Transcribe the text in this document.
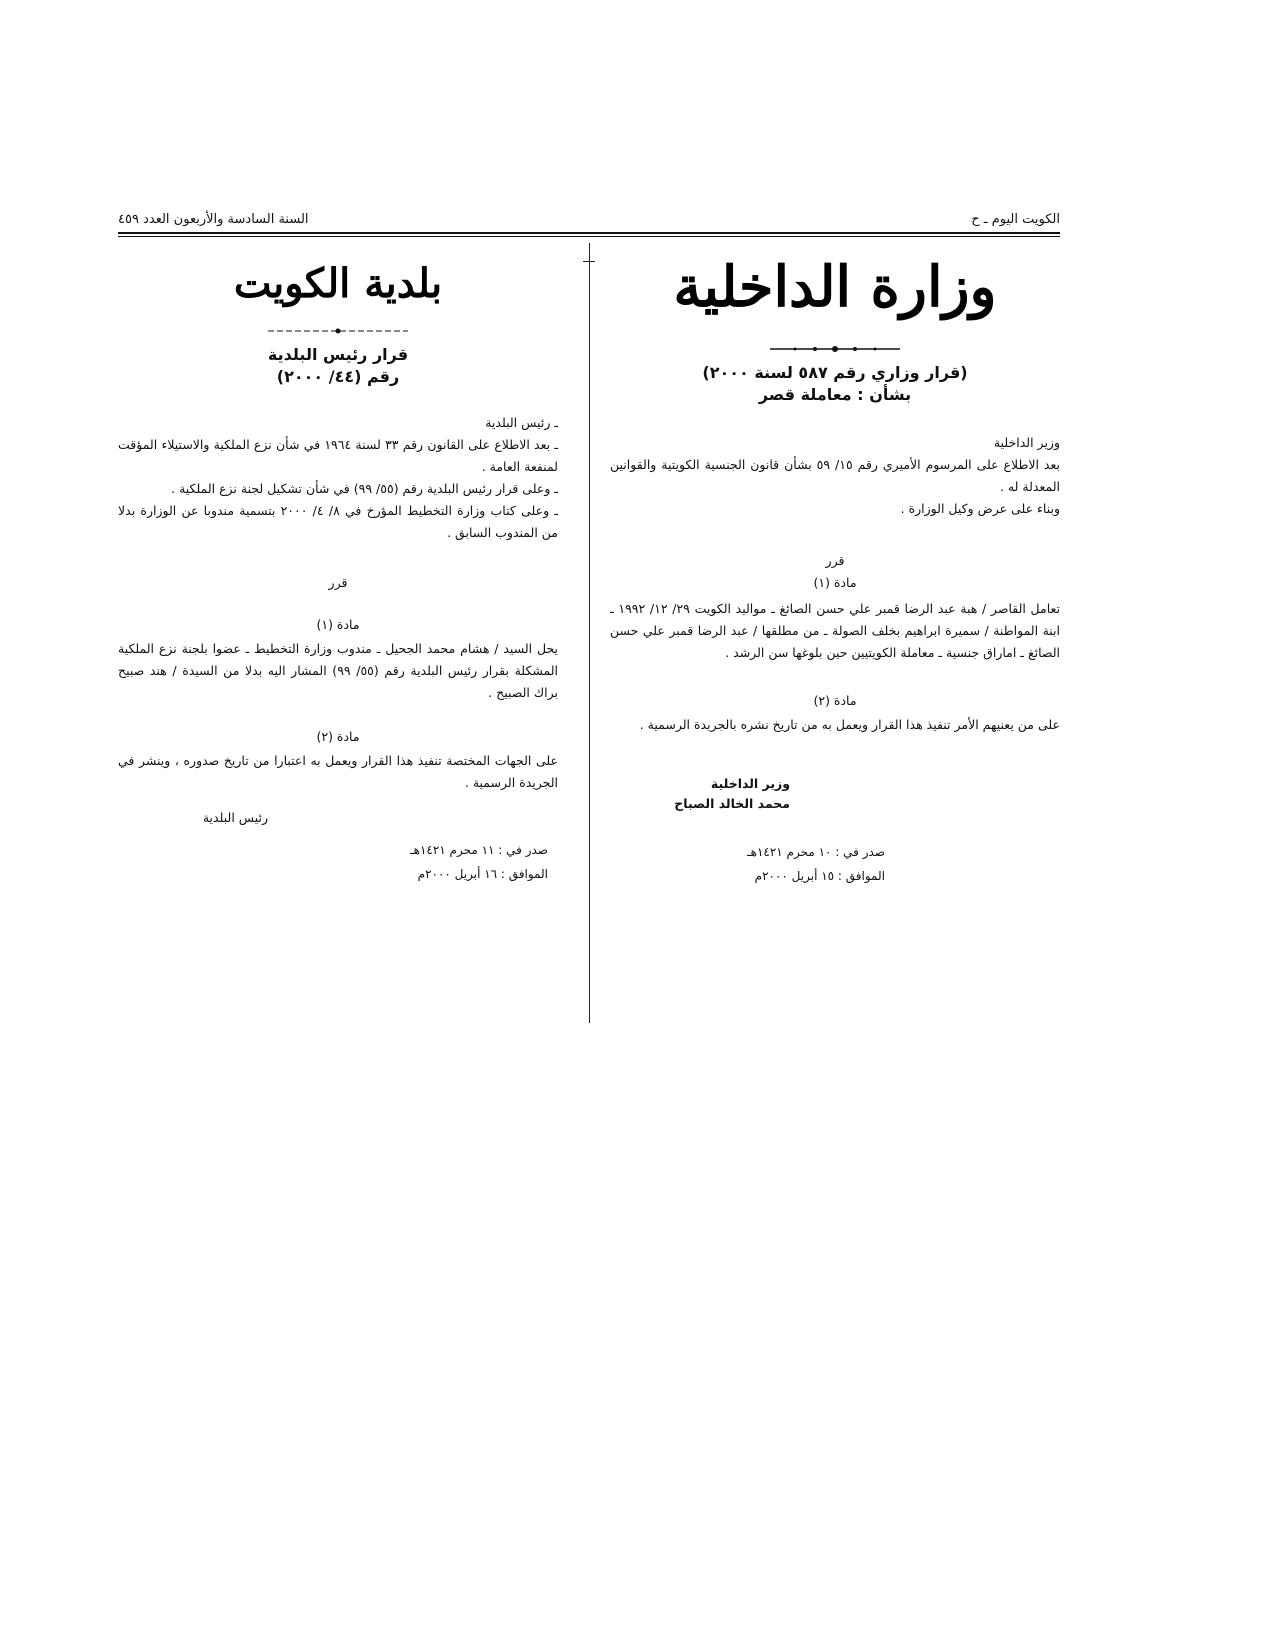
الكويت اليوم ـ ح
السنة السادسة والأربعون العدد ٤٥٩
وزارة الداخلية
(قرار وزاري رقم ٥٨٧ لسنة ٢٠٠٠)
بشأن : معاملة قصر

وزير الداخلية

بعد الاطلاع على المرسوم الأميري رقم ١٥/ ٥٩ بشأن قانون الجنسية الكويتية والقوانين المعدلة له .

وبناء على عرض وكيل الوزارة .

قرر
مادة (١)

تعامل القاصر / هبة عبد الرضا قمبر علي حسن الصائغ ـ مواليد الكويت ٢٩/ ١٢/ ١٩٩٢ ـ ابنة المواطنة / سميرة ابراهيم بخلف الصولة ـ من مطلقها / عبد الرضا قمبر علي حسن الصائغ ـ اماراق جنسية ـ معاملة الكويتيين حين بلوغها سن الرشد .

مادة (٢)

على من يعنيهم الأمر تنفيذ هذا القرار ويعمل به من تاريخ نشره بالجريدة الرسمية .

وزير الداخلية
محمد الخالد الصباح
صدر في : ١٠ محرم ١٤٢١هـ
الموافق : ١٥ أبريل ٢٠٠٠م
بلدية الكويت
قرار رئيس البلدية
رقم (٤٤/ ٢٠٠٠)

ـ رئيس البلدية

ـ بعد الاطلاع على القانون رقم ٣٣ لسنة ١٩٦٤ في شأن نزع الملكية والاستيلاء المؤقت لمنفعة العامة .

ـ وعلى قرار رئيس البلدية رقم (٥٥/ ٩٩) في شأن تشكيل لجنة نزع الملكية .

ـ وعلى كتاب وزارة التخطيط المؤرخ في ٨/ ٤/ ٢٠٠٠ بتسمية مندوبا عن الوزارة بدلا من المندوب السابق .

قرر
مادة (١)

يحل السيد / هشام محمد الجحيل ـ مندوب وزارة التخطيط ـ عضوا بلجنة نزع الملكية المشكلة بقرار رئيس البلدية رقم (٥٥/ ٩٩) المشار اليه بدلا من السيدة / هند صبيح براك الصبيح .

مادة (٢)

على الجهات المختصة تنفيذ هذا القرار ويعمل به اعتبارا من تاريخ صدوره ، وينشر في الجريدة الرسمية .

رئيس البلدية
صدر في : ١١ محرم ١٤٢١هـ
الموافق : ١٦ أبريل ٢٠٠٠م
